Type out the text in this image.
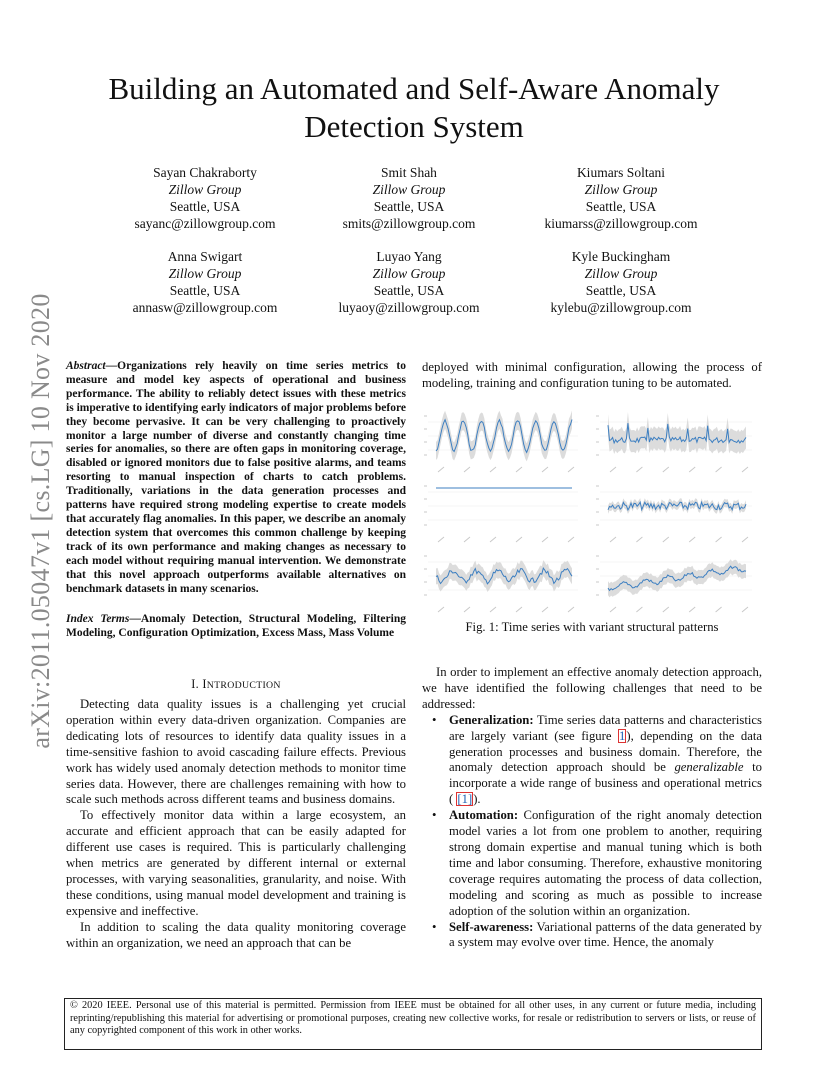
arXiv:2011.05047v1 [cs.LG] 10 Nov 2020
Building an Automated and Self-Aware Anomaly Detection System
Sayan Chakraborty
Zillow Group
Seattle, USA
sayanc@zillowgroup.com
Smit Shah
Zillow Group
Seattle, USA
smits@zillowgroup.com
Kiumars Soltani
Zillow Group
Seattle, USA
kiumarss@zillowgroup.com
Anna Swigart
Zillow Group
Seattle, USA
annasw@zillowgroup.com
Luyao Yang
Zillow Group
Seattle, USA
luyaoy@zillowgroup.com
Kyle Buckingham
Zillow Group
Seattle, USA
kylebu@zillowgroup.com
Abstract—Organizations rely heavily on time series metrics to measure and model key aspects of operational and business performance. The ability to reliably detect issues with these metrics is imperative to identifying early indicators of major problems before they become pervasive. It can be very challenging to proactively monitor a large number of diverse and constantly changing time series for anomalies, so there are often gaps in monitoring coverage, disabled or ignored monitors due to false positive alarms, and teams resorting to manual inspection of charts to catch problems. Traditionally, variations in the data generation processes and patterns have required strong modeling expertise to create models that accurately flag anomalies. In this paper, we describe an anomaly detection system that overcomes this common challenge by keeping track of its own performance and making changes as necessary to each model without requiring manual intervention. We demonstrate that this novel approach outperforms available alternatives on benchmark datasets in many scenarios.
Index Terms—Anomaly Detection, Structural Modeling, Filtering Modeling, Configuration Optimization, Excess Mass, Mass Volume
I. INTRODUCTION

Detecting data quality issues is a challenging yet crucial operation within every data-driven organization. Companies are dedicating lots of resources to identify data quality issues in a time-sensitive fashion to avoid cascading failure effects. Previous work has widely used anomaly detection methods to monitor time series data. However, there are challenges remaining with how to scale such methods across different teams and business domains.

To effectively monitor data within a large ecosystem, an accurate and efficient approach that can be easily adapted for different use cases is required. This is particularly challenging when metrics are generated by different internal or external processes, with varying seasonalities, granularity, and noise. With these conditions, using manual model development and training is expensive and ineffective.

In addition to scaling the data quality monitoring coverage within an organization, we need an approach that can be

deployed with minimal configuration, allowing the process of modeling, training and configuration tuning to be automated.

Fig. 1: Time series with variant structural patterns

In order to implement an effective anomaly detection approach, we have identified the following challenges that need to be addressed:

• Generalization: Time series data patterns and characteristics are largely variant (see figure 1), depending on the data generation processes and business domain. Therefore, the anomaly detection approach should be generalizable to incorporate a wide range of business and operational metrics ( [1]).
• Automation: Configuration of the right anomaly detection model varies a lot from one problem to another, requiring strong domain expertise and manual tuning which is both time and labor consuming. Therefore, exhaustive monitoring coverage requires automating the process of data collection, modeling and scoring as much as possible to increase adoption of the solution within an organization.
• Self-awareness: Variational patterns of the data generated by a system may evolve over time. Hence, the anomaly
© 2020 IEEE. Personal use of this material is permitted. Permission from IEEE must be obtained for all other uses, in any current or future media, including reprinting/republishing this material for advertising or promotional purposes, creating new collective works, for resale or redistribution to servers or lists, or reuse of any copyrighted component of this work in other works.
